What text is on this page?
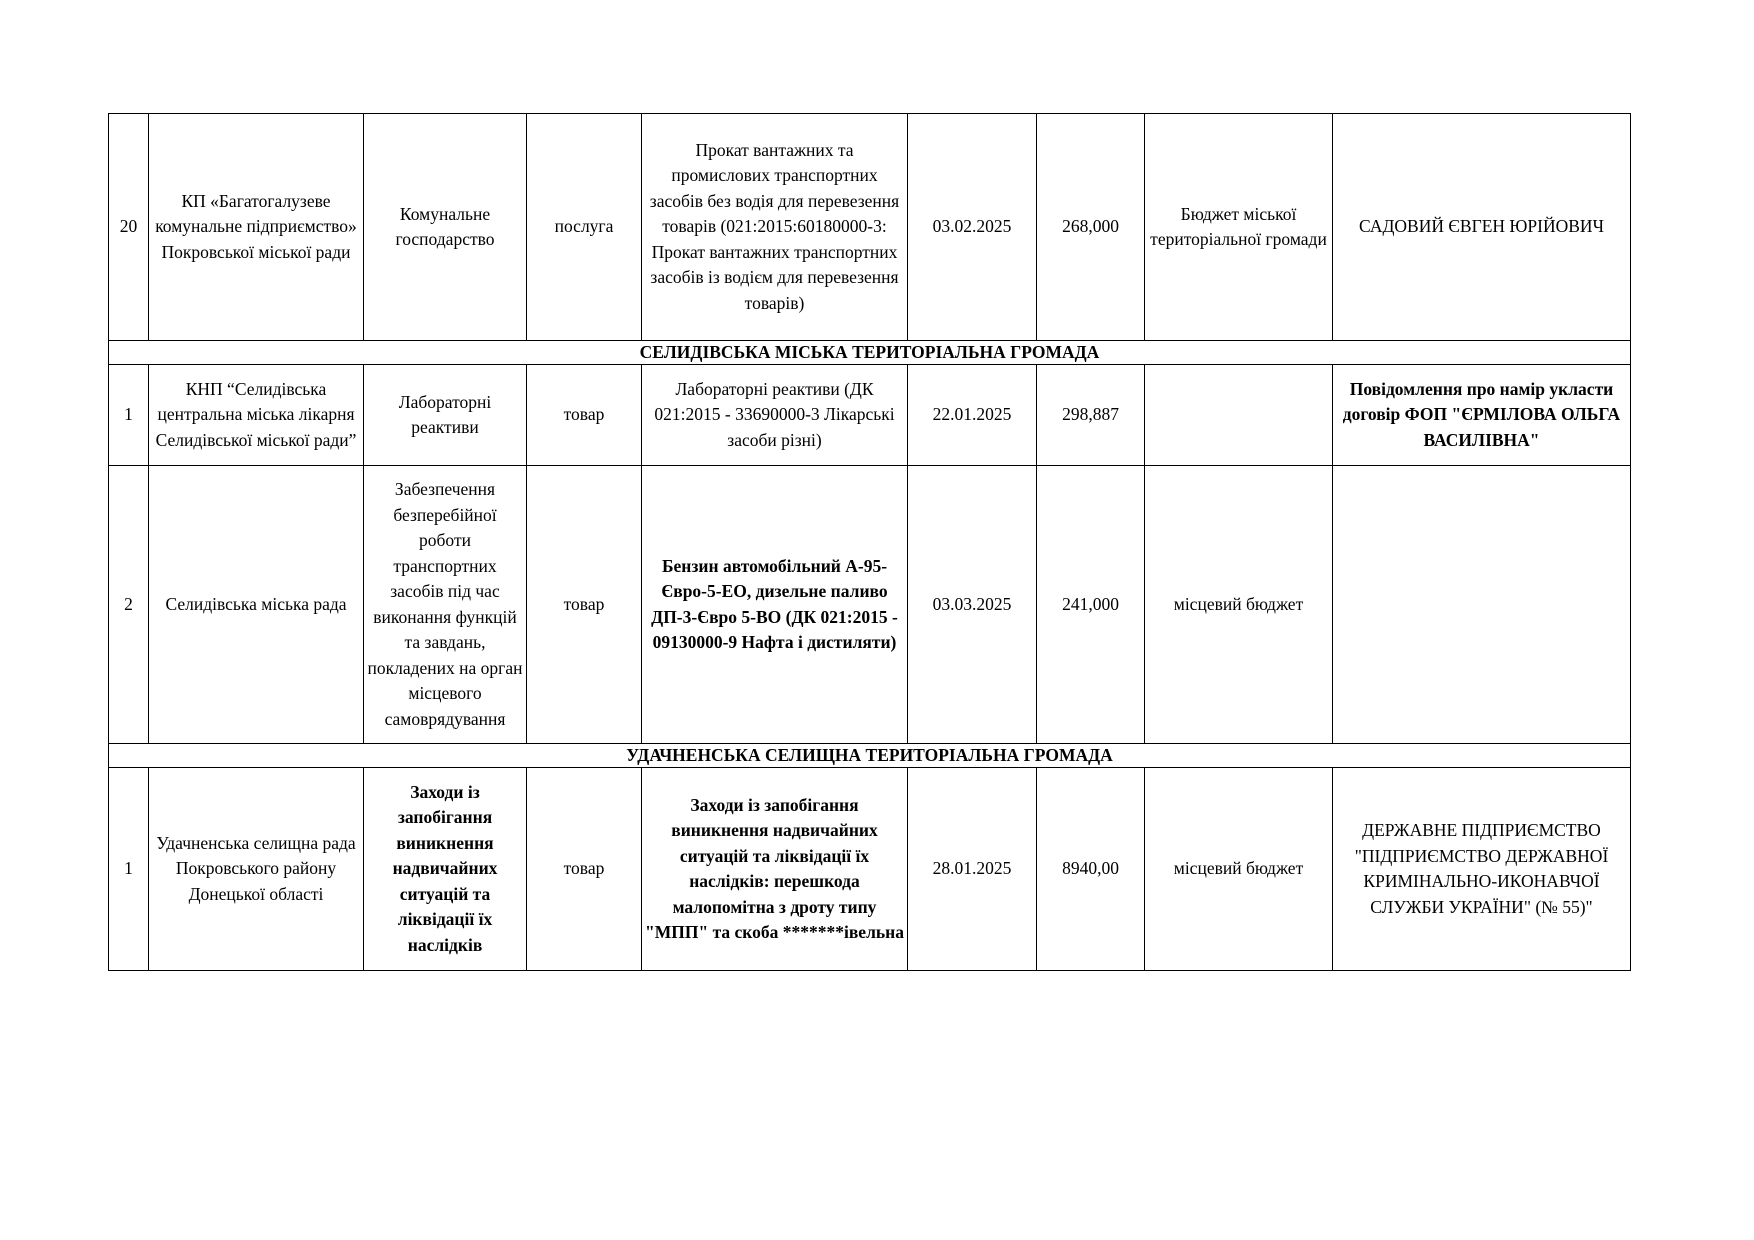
20	КП «Багатогалузеве комунальне підприємство» Покровської міської ради	Комунальне господарство	послуга	Прокат вантажних та промислових транспортних засобів без водія для перевезення товарів (021:2015:60180000-3: Прокат вантажних транспортних засобів із водієм для перевезення товарів)	03.02.2025	268,000	Бюджет міської територіальної громади	САДОВИЙ ЄВГЕН ЮРІЙОВИЧ
СЕЛИДІВСЬКА МІСЬКА ТЕРИТОРІАЛЬНА ГРОМАДА								
1	КНП “Селидівська центральна міська лікарня Селидівської міської ради”	Лабораторні реактиви	товар	Лабораторні реактиви (ДК 021:2015 - 33690000-3 Лікарські засоби різні)	22.01.2025	298,887		Повідомлення про намір укласти договір ФОП "ЄРМІЛОВА ОЛЬГА ВАСИЛІВНА"
2	Селидівська міська рада	Забезпечення безперебійної роботи транспортних засобів під час виконання функцій та завдань, покладених на орган місцевого самоврядування	товар	Бензин автомобільний А-95-Євро-5-ЕО, дизельне паливо ДП-3-Євро 5-ВО (ДК 021:2015 - 09130000-9 Нафта і дистиляти)	03.03.2025	241,000	місцевий бюджет	
УДАЧНЕНСЬКА СЕЛИЩНА ТЕРИТОРІАЛЬНА ГРОМАДА								
1	Удачненська селищна рада Покровського району Донецької області	Заходи із запобігання виникнення надвичайних ситуацій та ліквідації їх наслідків	товар	Заходи із запобігання виникнення надвичайних ситуацій та ліквідації їх наслідків: перешкода малопомітна з дроту типу "МПП" та скоба *******івельна	28.01.2025	8940,00	місцевий бюджет	ДЕРЖАВНЕ ПІДПРИЄМСТВО "ПІДПРИЄМСТВО ДЕРЖАВНОЇ КРИМІНАЛЬНО-ИКОНАВЧОЇ СЛУЖБИ УКРАЇНИ" (№ 55)"
